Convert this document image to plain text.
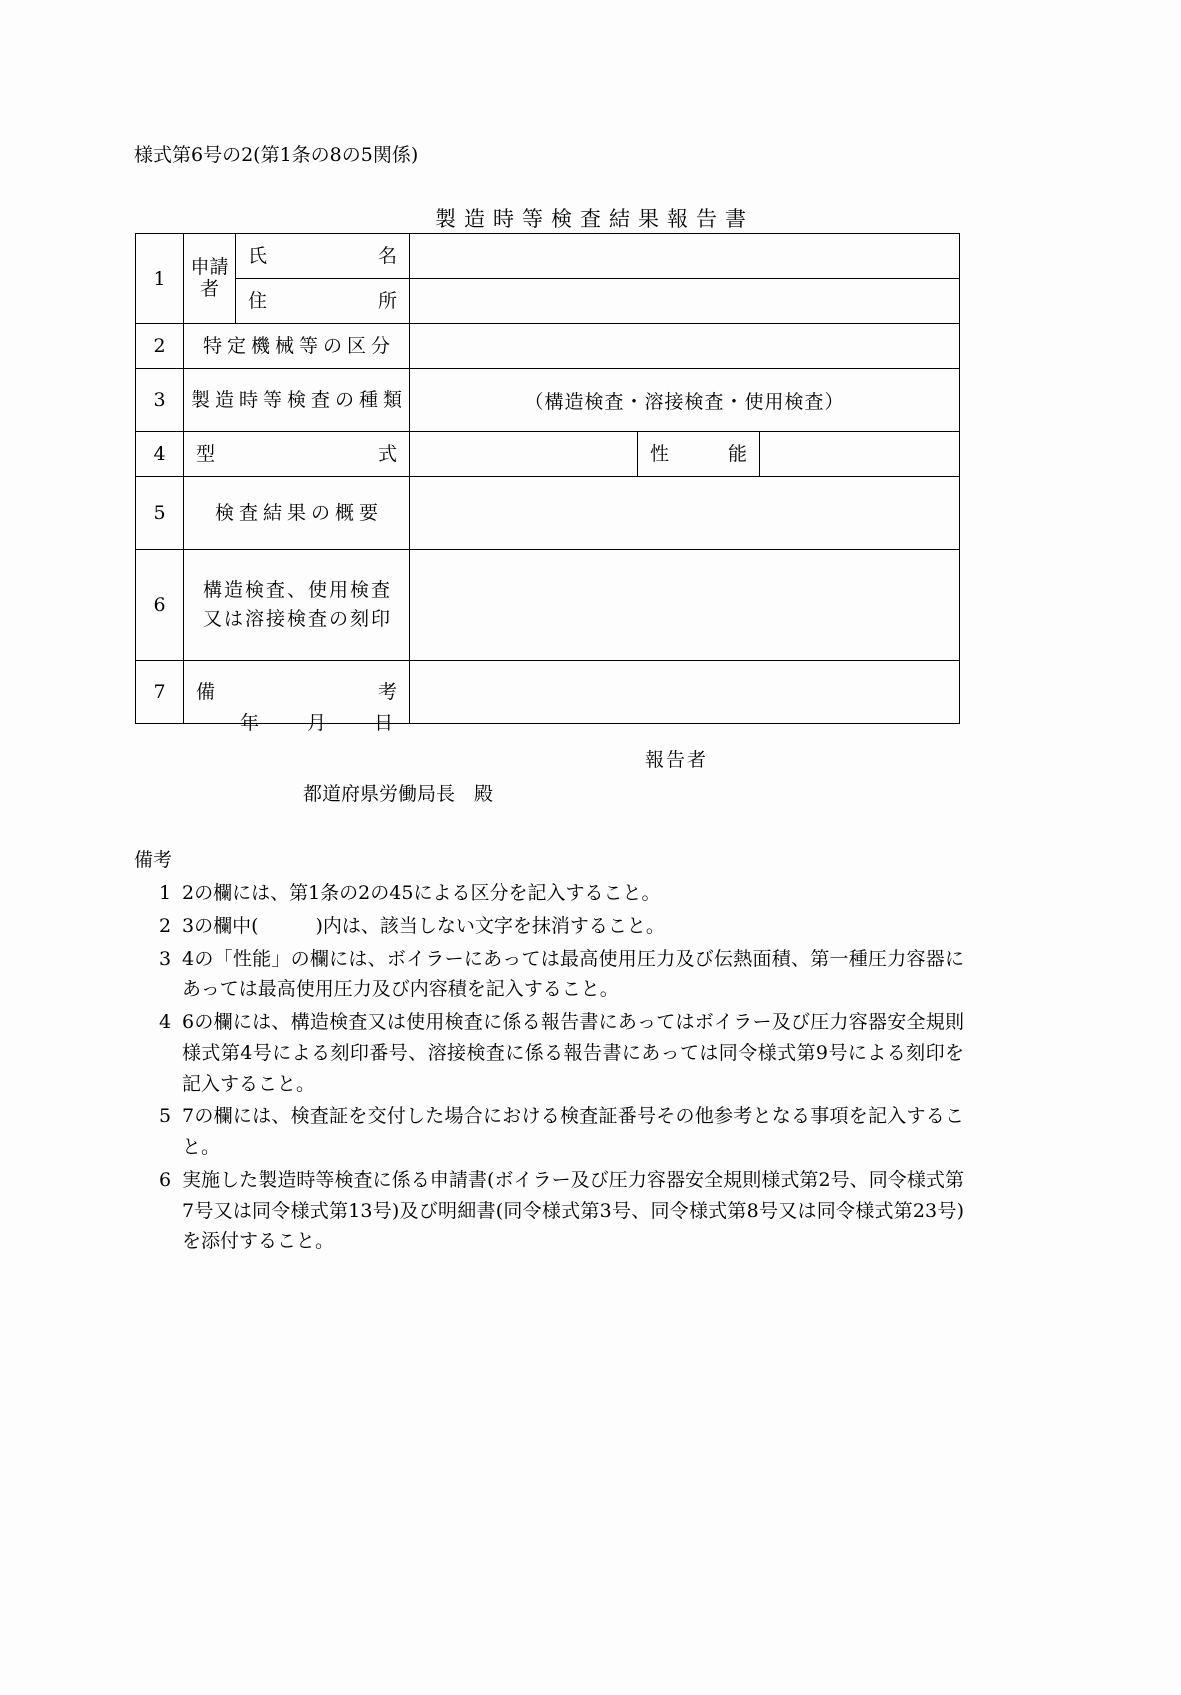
様式第6号の2(第1条の8の5関係)
製造時等検査結果報告書
1	申請者	氏名			

		住所			

2	特定機械等の区分				

3	製造時等検査の種類		（構造検査・溶接検査・使用検査）		

4	型式			性能	

5	検査結果の概要				

6	構造検査、使用検査
又は溶接検査の刻印				

7	備考				

年	月	日
報告者
都道府県労働局長　殿
備考
1 2の欄には、第1条の2の45による区分を記入すること。
2 3の欄中(　　　)内は、該当しない文字を抹消すること。
3 4の「性能」の欄には、ボイラーにあっては最高使用圧力及び伝熱面積、第一種圧力容器にあっては最高使用圧力及び内容積を記入すること。
4 6の欄には、構造検査又は使用検査に係る報告書にあってはボイラー及び圧力容器安全規則様式第4号による刻印番号、溶接検査に係る報告書にあっては同令様式第9号による刻印を記入すること。
5 7の欄には、検査証を交付した場合における検査証番号その他参考となる事項を記入すること。
6 実施した製造時等検査に係る申請書(ボイラー及び圧力容器安全規則様式第2号、同令様式第7号又は同令様式第13号)及び明細書(同令様式第3号、同令様式第8号又は同令様式第23号)を添付すること。
